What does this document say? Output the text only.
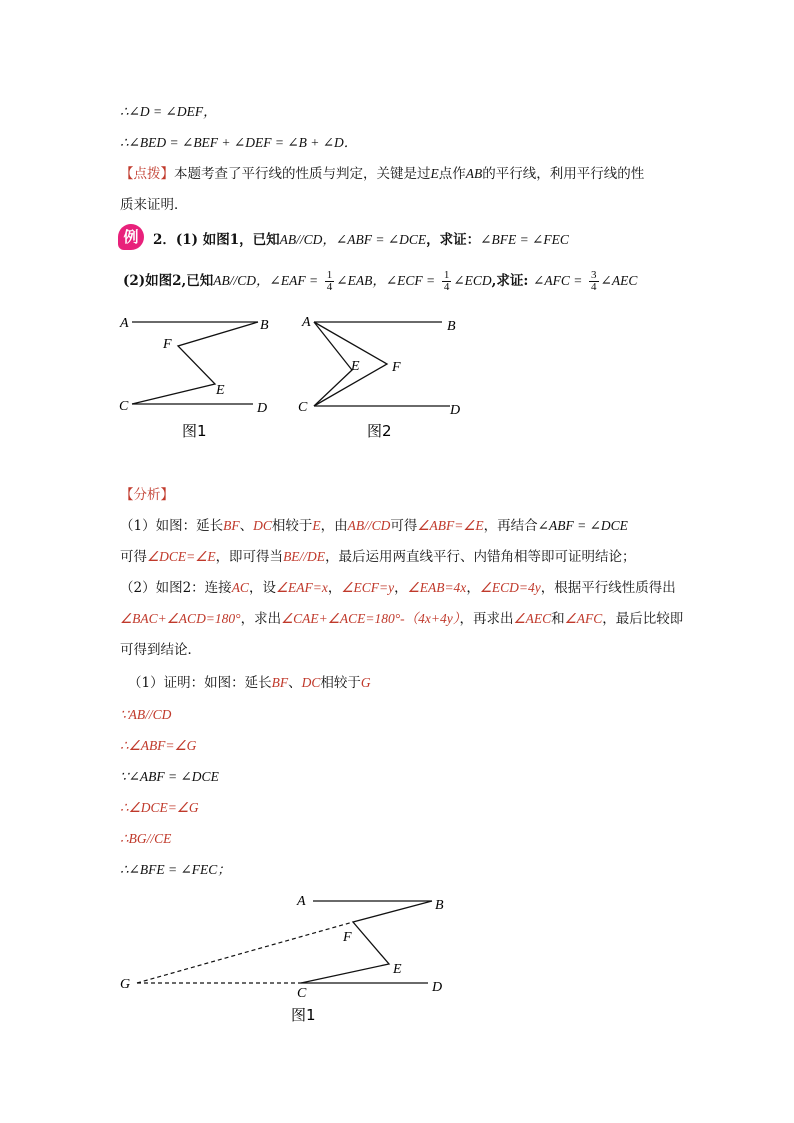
∴∠D = ∠DEF，
∴∠BED = ∠BEF + ∠DEF = ∠B + ∠D．
【点拨】本题考查了平行线的性质与判定，关键是过E点作AB的平行线，利用平行线的性
质来证明．
例	2．(1) 如图1，已知AB//CD，∠ABF = ∠DCE，求证：∠BFE = ∠FEC
(2)如图2,已知AB//CD，∠EAF = $\frac{1}{4}$ ∠EAB，∠ECF = $\frac{1}{4}$ ∠ECD,求证: ∠AFC = $\frac{3}{4}$ ∠AEC
A	B
F
E
C	D
图1
A	B
E F
C	D
图2
【分析】
（1）如图：延长BF、DC相较于E，由AB//CD可得∠ABF=∠E，再结合∠ABF = ∠DCE
可得∠DCE=∠E，即可得当BE//DE，最后运用两直线平行、内错角相等即可证明结论；
（2）如图2：连接AC，设∠EAF=x，∠ECF=y，∠EAB=4x，∠ECD=4y，根据平行线性质得出
∠BAC+∠ACD=180°，求出∠CAE+∠ACE=180°-（4x+4y），再求出∠AEC和∠AFC，最后比较即
可得到结论．
（1）证明：如图：延长BF、DC相较于G
∵AB//CD
∴∠ABF=∠G
∵∠ABF = ∠DCE
∴∠DCE=∠G
∴BG//CE
∴∠BFE = ∠FEC；
A	B
F
E
G
C	D
图1
